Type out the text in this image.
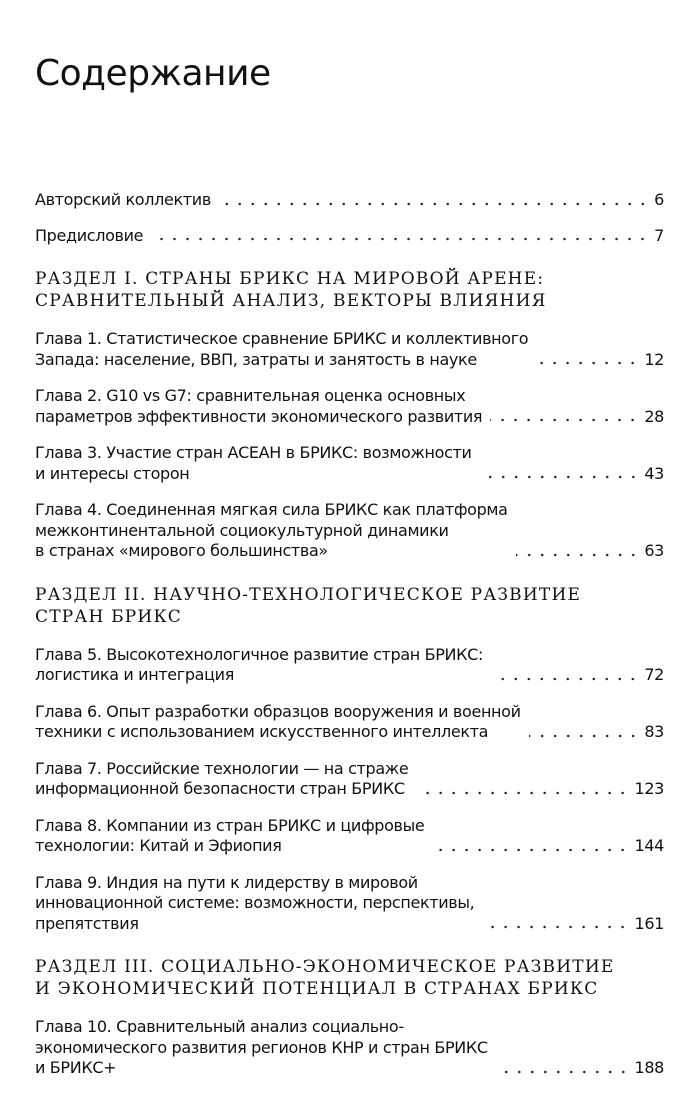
Содержание
Авторский коллектив	6
Предисловие	7
РАЗДЕЛ I. СТРАНЫ БРИКС НА МИРОВОЙ АРЕНЕ:
СРАВНИТЕЛЬНЫЙ АНАЛИЗ, ВЕКТОРЫ ВЛИЯНИЯ
Глава 1. Статистическое сравнение БРИКС и коллективного
Запада: население, ВВП, затраты и занятость в науке	12
Глава 2. G10 vs G7: сравнительная оценка основных
параметров эффективности экономического развития	28
Глава 3. Участие стран АСЕАН в БРИКС: возможности
и интересы сторон	43
Глава 4. Соединенная мягкая сила БРИКС как платформа
межконтинентальной социокультурной динамики
в странах «мирового большинства»	63
РАЗДЕЛ II. НАУЧНО-ТЕХНОЛОГИЧЕСКОЕ РАЗВИТИЕ
СТРАН БРИКС
Глава 5. Высокотехнологичное развитие стран БРИКС:
логистика и интеграция	72
Глава 6. Опыт разработки образцов вооружения и военной
техники с использованием искусственного интеллекта	83
Глава 7. Российские технологии — на страже
информационной безопасности стран БРИКС	123
Глава 8. Компании из стран БРИКС и цифровые
технологии: Китай и Эфиопия	144
Глава 9. Индия на пути к лидерству в мировой
инновационной системе: возможности, перспективы,
препятствия	161
РАЗДЕЛ III. СОЦИАЛЬНО-ЭКОНОМИЧЕСКОЕ РАЗВИТИЕ
И ЭКОНОМИЧЕСКИЙ ПОТЕНЦИАЛ В СТРАНАХ БРИКС
Глава 10. Сравнительный анализ социально-
экономического развития регионов КНР и стран БРИКС
и БРИКС+	188
